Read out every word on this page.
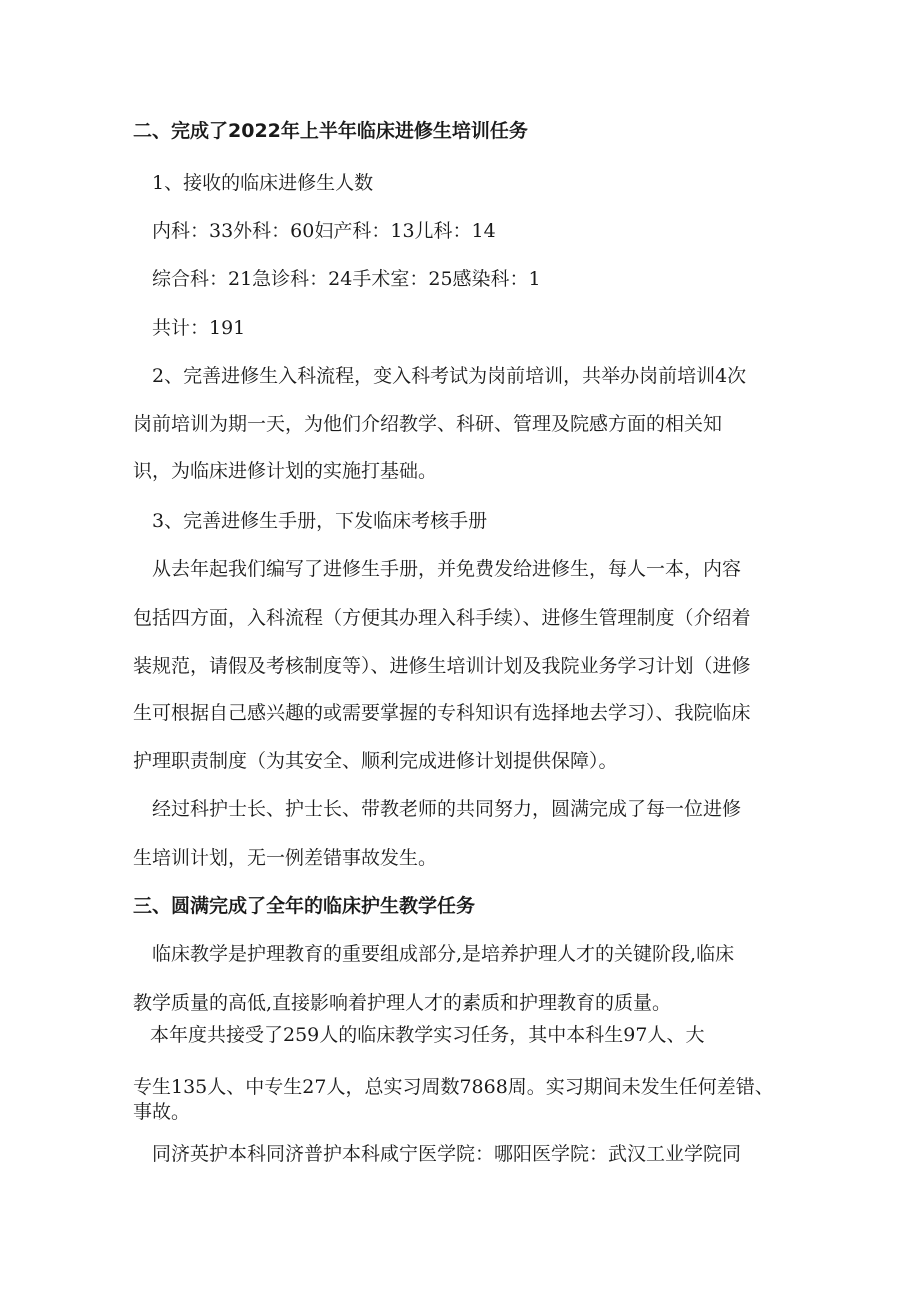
二、完成了2022年上半年临床进修生培训任务

1、接收的临床进修生人数

内科：33外科：60妇产科：13儿科：14

综合科：21急诊科：24手术室：25感染科：1

共计：191

2、完善进修生入科流程，变入科考试为岗前培训，共举办岗前培训4次

岗前培训为期一天，为他们介绍教学、科研、管理及院感方面的相关知

识，为临床进修计划的实施打基础。

3、完善进修生手册，下发临床考核手册

从去年起我们编写了进修生手册，并免费发给进修生，每人一本，内容

包括四方面，入科流程（方便其办理入科手续）、进修生管理制度（介绍着

装规范，请假及考核制度等）、进修生培训计划及我院业务学习计划（进修

生可根据自己感兴趣的或需要掌握的专科知识有选择地去学习）、我院临床

护理职责制度（为其安全、顺利完成进修计划提供保障）。

经过科护士长、护士长、带教老师的共同努力，圆满完成了每一位进修

生培训计划，无一例差错事故发生。

三、圆满完成了全年的临床护生教学任务

临床教学是护理教育的重要组成部分,是培养护理人才的关键阶段,临床

教学质量的高低,直接影响着护理人才的素质和护理教育的质量。

本年度共接受了259人的临床教学实习任务，其中本科生97人、大

专生135人、中专生27人，总实习周数7868周。实习期间未发生任何差错、

事故。

同济英护本科同济普护本科咸宁医学院：哪阳医学院：武汉工业学院同
